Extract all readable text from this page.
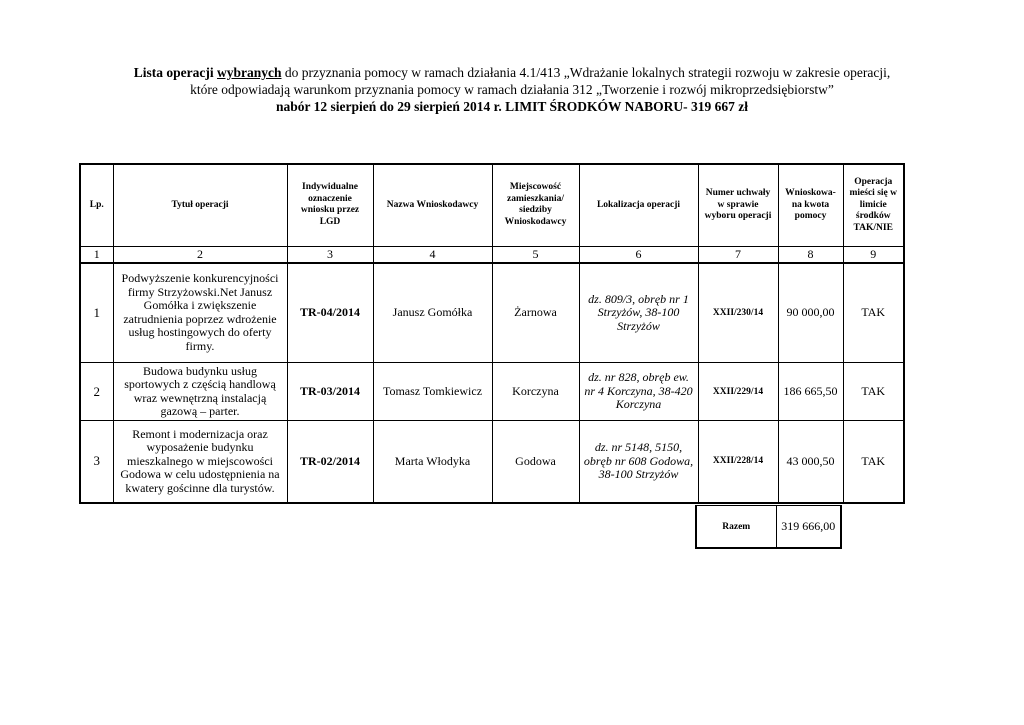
Lista operacji wybranych do przyznania pomocy w ramach działania 4.1/413 „Wdrażanie lokalnych strategii rozwoju w zakresie operacji,
które odpowiadają warunkom przyznania pomocy w ramach działania 312 „Tworzenie i rozwój mikroprzedsiębiorstw”
nabór 12 sierpień do 29 sierpień 2014 r. LIMIT ŚRODKÓW NABORU- 319 667 zł
Lp.	Tytuł operacji	Indywidualne oznaczenie wniosku przez LGD	Nazwa Wnioskodawcy	Miejscowość zamieszkania/ siedziby Wnioskodawcy	Lokalizacja operacji	Numer uchwały w sprawie wyboru operacji	Wnioskowa-na kwota pomocy	Operacja mieści się w limicie środków TAK/NIE
1	2	3	4	5	6	7	8	9
1	Podwyższenie konkurencyjności firmy Strzyżowski.Net Janusz Gomółka i zwiększenie zatrudnienia poprzez wdrożenie usług hostingowych do oferty firmy.	TR-04/2014	Janusz Gomółka	Żarnowa	dz. 809/3, obręb nr 1 Strzyżów, 38-100 Strzyżów	XXII/230/14	90 000,00	TAK
2	Budowa budynku usług sportowych z częścią handlową wraz wewnętrzną instalacją gazową – parter.	TR-03/2014	Tomasz Tomkiewicz	Korczyna	dz. nr 828, obręb ew. nr 4 Korczyna, 38-420 Korczyna	XXII/229/14	186 665,50	TAK
3	Remont i modernizacja oraz wyposażenie budynku mieszkalnego w miejscowości Godowa w celu udostępnienia na kwatery gościnne dla turystów.	TR-02/2014	Marta Włodyka	Godowa	dz. nr 5148, 5150, obręb nr 608 Godowa, 38-100 Strzyżów	XXII/228/14	43 000,50	TAK
Razem	319 666,00
